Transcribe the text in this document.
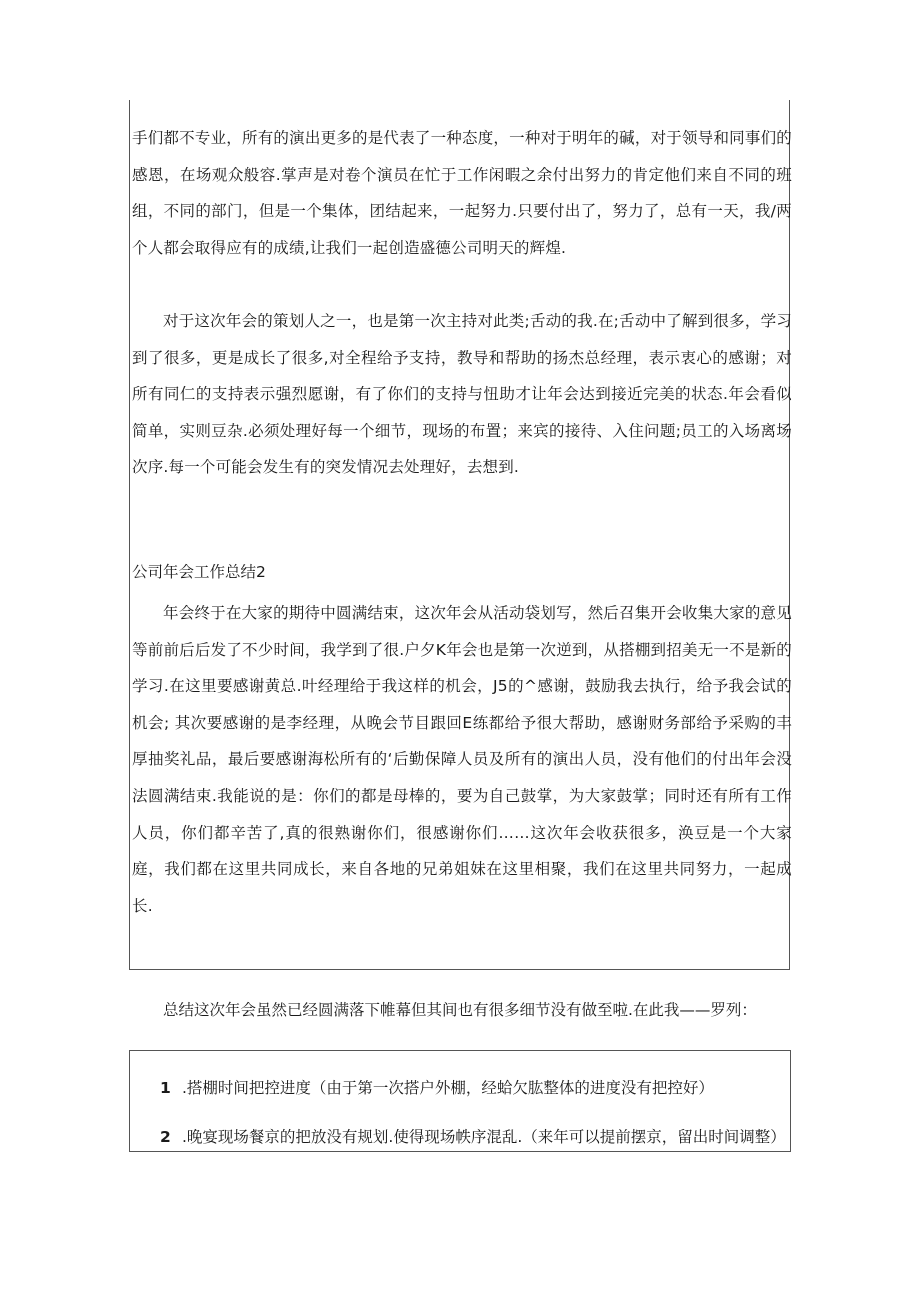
手们都不专业，所有的演出更多的是代表了一种态度，一种对于明年的碱，对于领导和同事们的感恩，在场观众般容.掌声是对卷个演员在忙于工作闲暇之余付出努力的肯定他们来自不同的班组，不同的部门，但是一个集体，团结起来，一起努力.只要付出了，努力了，总有一天，我/两个人都会取得应有的成绩,让我们一起创造盛德公司明天的辉煌.

对于这次年会的策划人之一，也是第一次主持对此类;舌动的我.在;舌动中了解到很多，学习到了很多，更是成长了很多,对全程给予支持，教导和帮助的扬杰总经理，表示衷心的感谢；对所有同仁的支持表示强烈愿谢，有了你们的支持与忸助才让年会达到接近完美的状态.年会看似简单，实则豆杂.必须处理好每一个细节，现场的布置；来宾的接待、入住问题;员工的入场离场次序.每一个可能会发生有的突发情况去处理好，去想到.

公司年会工作总结2

年会终于在大家的期待中圆满结束，这次年会从活动袋划写，然后召集开会收集大家的意见等前前后后发了不少时间，我学到了很.户夕K年会也是第一次逆到，从搭棚到招美无一不是新的学习.在这里要感谢黄总.叶经理给于我这样的机会，J5的^感谢，鼓励我去执行，给予我会试的机会; 其次要感谢的是李经理，从晚会节目跟回E练都给予很大帮助，感谢财务部给予采购的丰厚抽奖礼品，最后要感谢海松所有的‘后勤保障人员及所有的演出人员，没有他们的付出年会没法圆满结束.我能说的是：你们的都是母棒的，要为自己鼓掌，为大家鼓掌；同时还有所有工作人员，你们都辛苦了,真的很熟谢你们，很感谢你们……这次年会收获很多，涣豆是一个大家庭，我们都在这里共同成长，来自各地的兄弟姐妹在这里相聚，我们在这里共同努力，一起成长.

总结这次年会虽然已经圆满落下帷幕但其间也有很多细节没有做至啦.在此我——罗列：

1 .搭棚时间把控进度（由于第一次搭户外棚，经蛤欠肱整体的进度没有把控好）

2 .晚宴现场餐京的把放没有规划.使得现场帙序混乱.（来年可以提前摆京，留出时间调整）
